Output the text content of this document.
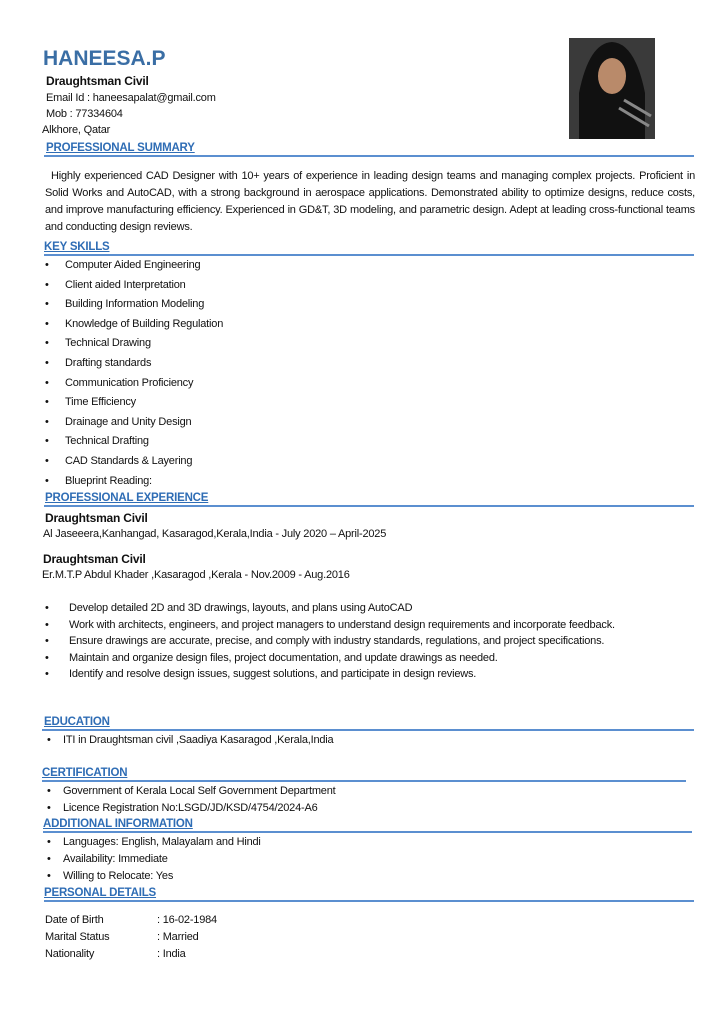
HANEESA.P
Draughtsman Civil
Email Id : haneesapalat@gmail.com
Mob : 77334604
Alkhore, Qatar
PROFESSIONAL SUMMARY
Highly experienced CAD Designer with 10+ years of experience in leading design teams and managing complex projects. Proficient in Solid Works and AutoCAD, with a strong background in aerospace applications. Demonstrated ability to optimize designs, reduce costs, and improve manufacturing efficiency. Experienced in GD&T, 3D modeling, and parametric design. Adept at leading cross-functional teams and conducting design reviews.
KEY SKILLS
• Computer Aided Engineering
• Client aided Interpretation
• Building Information Modeling
• Knowledge of Building Regulation
• Technical Drawing
• Drafting standards
• Communication Proficiency
• Time Efficiency
• Drainage and Unity Design
• Technical Drafting
• CAD Standards & Layering
• Blueprint Reading:
PROFESSIONAL EXPERIENCE
Draughtsman Civil
Al Jaseeera,Kanhangad, Kasaragod,Kerala,India - July 2020 – April-2025
Draughtsman Civil
Er.M.T.P Abdul Khader ,Kasaragod ,Kerala - Nov.2009 - Aug.2016
• Develop detailed 2D and 3D drawings, layouts, and plans using AutoCAD
• Work with architects, engineers, and project managers to understand design requirements and incorporate feedback.
• Ensure drawings are accurate, precise, and comply with industry standards, regulations, and project specifications.
• Maintain and organize design files, project documentation, and update drawings as needed.
• Identify and resolve design issues, suggest solutions, and participate in design reviews.
EDUCATION
• ITI in Draughtsman civil ,Saadiya Kasaragod ,Kerala,India
CERTIFICATION
• Government of Kerala Local Self Government Department
• Licence Registration No:LSGD/JD/KSD/4754/2024-A6
ADDITIONAL INFORMATION
• Languages: English, Malayalam and Hindi
• Availability: Immediate
• Willing to Relocate: Yes
PERSONAL DETAILS
Date of Birth	: 16-02-1984
Marital Status	: Married
Nationality	: India
